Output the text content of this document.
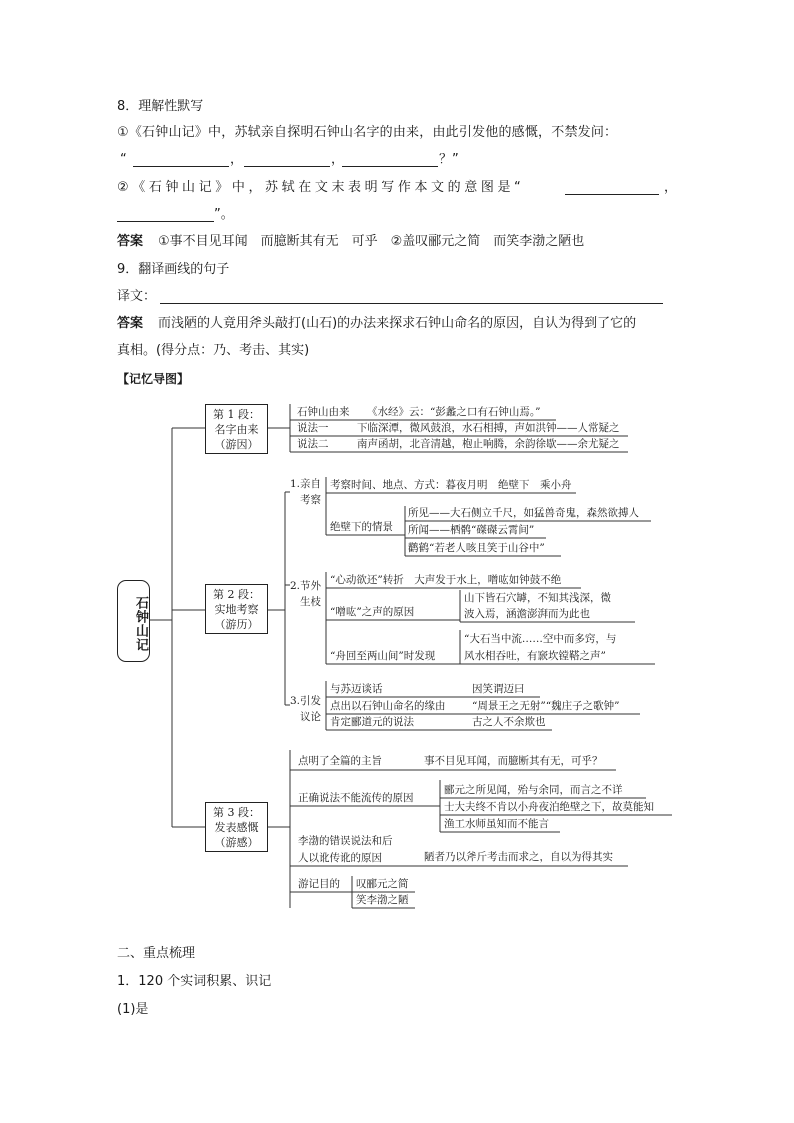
8．理解性默写
①《石钟山记》中，苏轼亲自探明石钟山名字的由来，由此引发他的感慨，不禁发问：
“	，	，	？”
②《石钟山记》中，苏轼在文末表明写作本文的意图是“	，
”。
答案 ①事不目见耳闻　而臆断其有无　可乎　②盖叹郦元之简　而笑李渤之陋也
9．翻译画线的句子
译文：
答案 而浅陋的人竟用斧头敲打(山石)的办法来探求石钟山命名的原因，自认为得到了它的
真相。(得分点：乃、考击、其实)
【记忆导图】
石钟山记
第 1 段：名字由来（游因）
石钟山由来 《水经》云：“彭蠡之口有石钟山焉。”
说法一	下临深潭，微风鼓浪，水石相搏，声如洪钟——人常疑之
说法二	南声函胡，北音清越，枹止响腾，余韵徐歇——余尤疑之
第 2 段：实地考察（游历）
1.亲自
考察
考察时间、地点、方式：暮夜月明　绝壁下　乘小舟
绝壁下的情景
所见——大石侧立千尺，如猛兽奇鬼，森然欲搏人
所闻——栖鹘“磔磔云霄间”
鹳鹤“若老人咳且笑于山谷中”
2.节外
生枝
“心动欲还”转折　大声发于水上，噌吰如钟鼓不绝
“噌吰”之声的原因
山下皆石穴罅，不知其浅深，微
波入焉，涵澹澎湃而为此也
“舟回至两山间”时发现
“大石当中流……空中而多窍，与
风水相吞吐，有窾坎镗鞳之声”
3.引发
议论
与苏迈谈话	因笑谓迈曰
点出以石钟山命名的缘由	“周景王之无射”“魏庄子之歌钟”
肯定郦道元的说法	古之人不余欺也
第 3 段：发表感慨（游感）
点明了全篇的主旨	事不目见耳闻，而臆断其有无，可乎？
正确说法不能流传的原因
郦元之所见闻，殆与余同，而言之不详
士大夫终不肯以小舟夜泊绝壁之下，故莫能知
渔工水师虽知而不能言
李渤的错误说法和后
人以讹传讹的原因	陋者乃以斧斤考击而求之，自以为得其实
游记目的 叹郦元之简
笑李渤之陋
二、重点梳理
1．120 个实词积累、识记
(1)是
